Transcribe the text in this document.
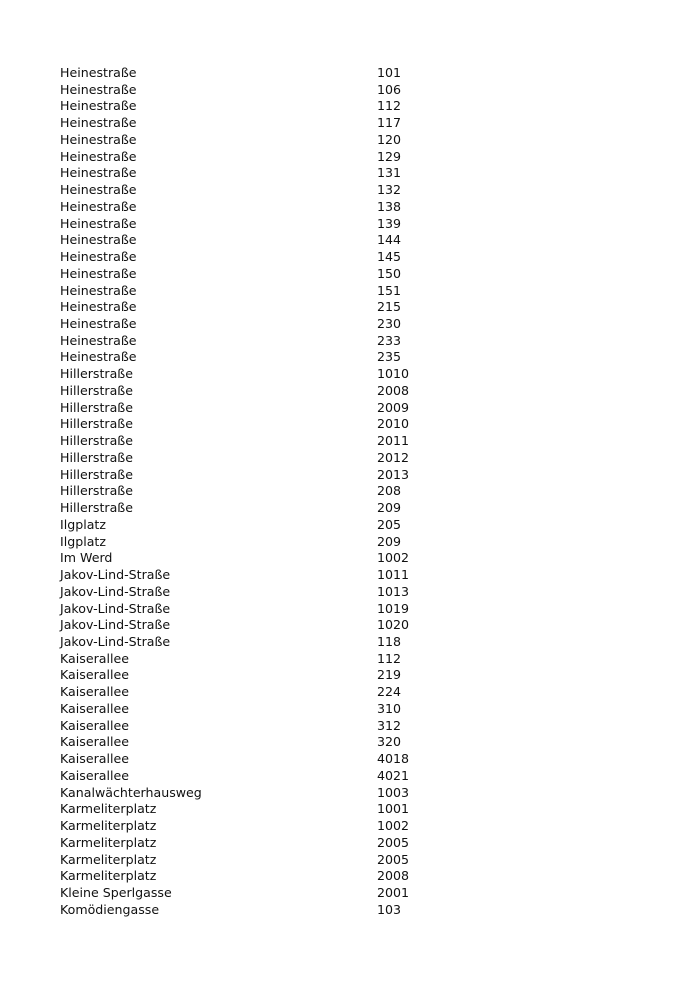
Heinestraße	101
Heinestraße	106
Heinestraße	112
Heinestraße	117
Heinestraße	120
Heinestraße	129
Heinestraße	131
Heinestraße	132
Heinestraße	138
Heinestraße	139
Heinestraße	144
Heinestraße	145
Heinestraße	150
Heinestraße	151
Heinestraße	215
Heinestraße	230
Heinestraße	233
Heinestraße	235
Hillerstraße	1010
Hillerstraße	2008
Hillerstraße	2009
Hillerstraße	2010
Hillerstraße	2011
Hillerstraße	2012
Hillerstraße	2013
Hillerstraße	208
Hillerstraße	209
Ilgplatz	205
Ilgplatz	209
Im Werd	1002
Jakov-Lind-Straße	1011
Jakov-Lind-Straße	1013
Jakov-Lind-Straße	1019
Jakov-Lind-Straße	1020
Jakov-Lind-Straße	118
Kaiserallee	112
Kaiserallee	219
Kaiserallee	224
Kaiserallee	310
Kaiserallee	312
Kaiserallee	320
Kaiserallee	4018
Kaiserallee	4021
Kanalwächterhausweg	1003
Karmeliterplatz	1001
Karmeliterplatz	1002
Karmeliterplatz	2005
Karmeliterplatz	2005
Karmeliterplatz	2008
Kleine Sperlgasse	2001
Komödiengasse	103
